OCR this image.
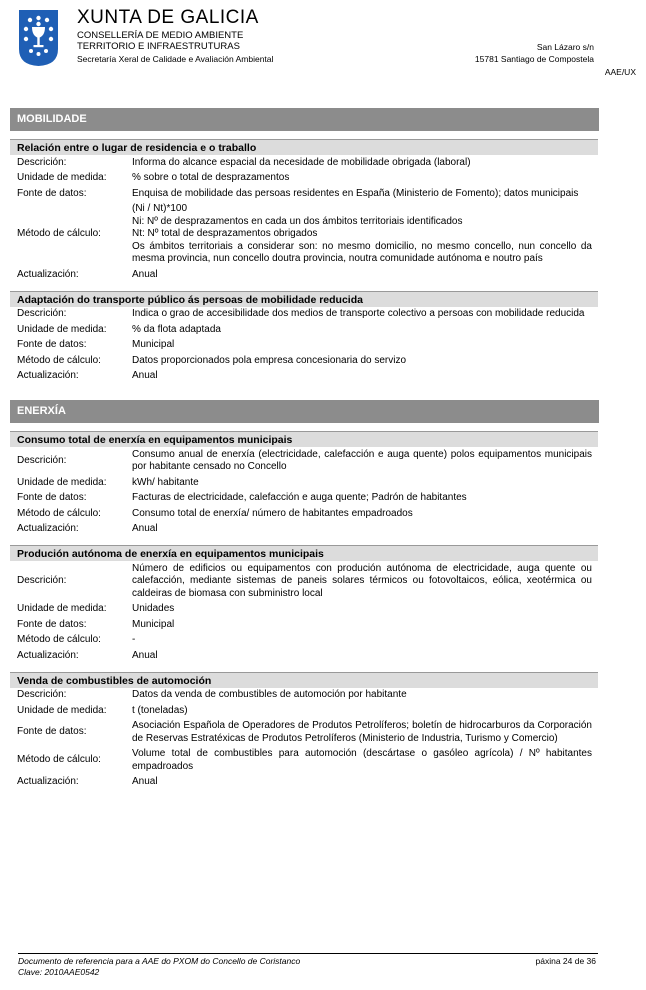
XUNTA DE GALICIA
CONSELLERÍA DE MEDIO AMBIENTE
TERRITORIO E INFRAESTRUTURAS
Secretaría Xeral de Calidade e Avaliación Ambiental
San Lázaro s/n
15781 Santiago de Compostela
AAE/UX
MOBILIDADE
Relación entre o lugar de residencia e o traballo
Descrición:	Informa do alcance espacial da necesidade de mobilidade obrigada (laboral)
Unidade de medida:	% sobre o total de desprazamentos
Fonte de datos:	Enquisa de mobilidade das persoas residentes en España (Ministerio de Fomento); datos municipais
Método de cálculo:

(Ni / Nt)*100

Ni: Nº de desprazamentos en cada un dos ámbitos territoriais identificados

Nt: Nº total de desprazamentos obrigados

Os ámbitos territoriais a considerar son: no mesmo domicilio, no mesmo concello, nun concello da mesma provincia, nun concello doutra provincia, noutra comunidade autónoma e noutro país

Actualización:	Anual
Adaptación do transporte público ás persoas de mobilidade reducida
Descrición:	Indica o grao de accesibilidade dos medios de transporte colectivo a persoas con mobilidade reducida
Unidade de medida:	% da flota adaptada
Fonte de datos:	Municipal
Método de cálculo:	Datos proporcionados pola empresa concesionaria do servizo
Actualización:	Anual
ENERXÍA
Consumo total de enerxía en equipamentos municipais
Descrición:
Consumo anual de enerxía (electricidade, calefacción e auga quente) polos equipamentos municipais por habitante censado no Concello
Unidade de medida:	kWh/ habitante
Fonte de datos:	Facturas de electricidade, calefacción e auga quente; Padrón de habitantes
Método de cálculo:	Consumo total de enerxía/ número de habitantes empadroados
Actualización:	Anual
Produción autónoma de enerxía en equipamentos municipais
Descrición:
Número de edificios ou equipamentos con produción autónoma de electricidade, auga quente ou calefacción, mediante sistemas de paneis solares térmicos ou fotovoltaicos, eólica, xeotérmica ou caldeiras de biomasa con subministro local
Unidade de medida:	Unidades
Fonte de datos:	Municipal
Método de cálculo:	-
Actualización:	Anual
Venda de combustibles de automoción
Descrición:	Datos da venda de combustibles de automoción por habitante
Unidade de medida:	t (toneladas)
Fonte de datos:
Asociación Española de Operadores de Produtos Petrolíferos; boletín de hidrocarburos da Corporación de Reservas Estratéxicas de Produtos Petrolíferos (Ministerio de Industria, Turismo y Comercio)
Método de cálculo:
Volume total de combustibles para automoción (descártase o gasóleo agrícola) / Nº habitantes empadroados
Actualización:	Anual
Documento de referencia para a AAE do PXOM do Concello de Coristanco
Clave: 2010AAE0542
páxina 24 de 36
